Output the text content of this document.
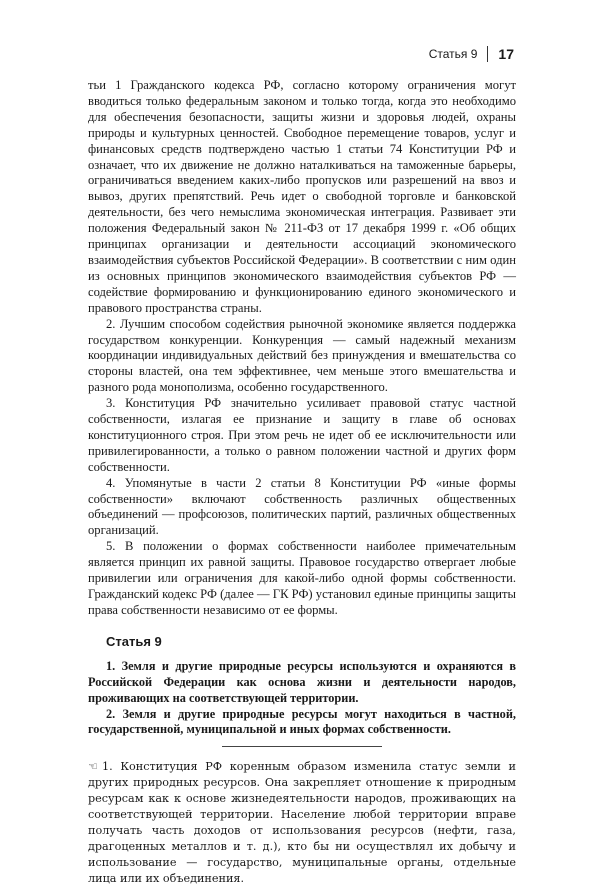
Статья 9 17

тьи 1 Гражданского кодекса РФ, согласно которому ограничения могут вводиться только федеральным законом и только тогда, когда это необходимо для обеспечения безопасности, защиты жизни и здоровья людей, охраны природы и культурных ценностей. Свободное перемещение товаров, услуг и финансовых средств подтверждено частью 1 статьи 74 Конституции РФ и означает, что их движение не должно наталкиваться на таможенные барьеры, ограничиваться введением каких-либо пропусков или разрешений на ввоз и вывоз, других препятствий. Речь идет о свободной торговле и банковской деятельности, без чего немыслима экономическая интеграция. Развивает эти положения Федеральный закон № 211-ФЗ от 17 декабря 1999 г. «Об общих принципах организации и деятельности ассоциаций экономического взаимодействия субъектов Российской Федерации». В соответствии с ним один из основных принципов экономического взаимодействия субъектов РФ — содействие формированию и функционированию единого экономического и правового пространства страны.

2. Лучшим способом содействия рыночной экономике является поддержка государством конкуренции. Конкуренция — самый надежный механизм координации индивидуальных действий без принуждения и вмешательства со стороны властей, она тем эффективнее, чем меньше этого вмешательства и разного рода монополизма, особенно государственного.

3. Конституция РФ значительно усиливает правовой статус частной собственности, излагая ее признание и защиту в главе об основах конституционного строя. При этом речь не идет об ее исключительности или привилегированности, а только о равном положении частной и других форм собственности.

4. Упомянутые в части 2 статьи 8 Конституции РФ «иные формы собственности» включают собственность различных общественных объединений — профсоюзов, политических партий, различных общественных организаций.

5. В положении о формах собственности наиболее примечательным является принцип их равной защиты. Правовое государство отвергает любые привилегии или ограничения для какой-либо одной формы собственности. Гражданский кодекс РФ (далее — ГК РФ) установил единые принципы защиты права собственности независимо от ее формы.

Статья 9

1. Земля и другие природные ресурсы используются и охраняются в Российской Федерации как основа жизни и деятельности народов, проживающих на соответствующей территории.

2. Земля и другие природные ресурсы могут находиться в частной, государственной, муниципальной и иных формах собственности.

☜ 1. Конституция РФ коренным образом изменила статус земли и других природных ресурсов. Она закрепляет отношение к природным ресурсам как к основе жизнедеятельности народов, проживающих на соответствующей территории. Население любой территории вправе получать часть доходов от использования ресурсов (нефти, газа, драгоценных металлов и т. д.), кто бы ни осуществлял их добычу и использование — государство, муниципальные органы, отдельные лица или их объединения.
